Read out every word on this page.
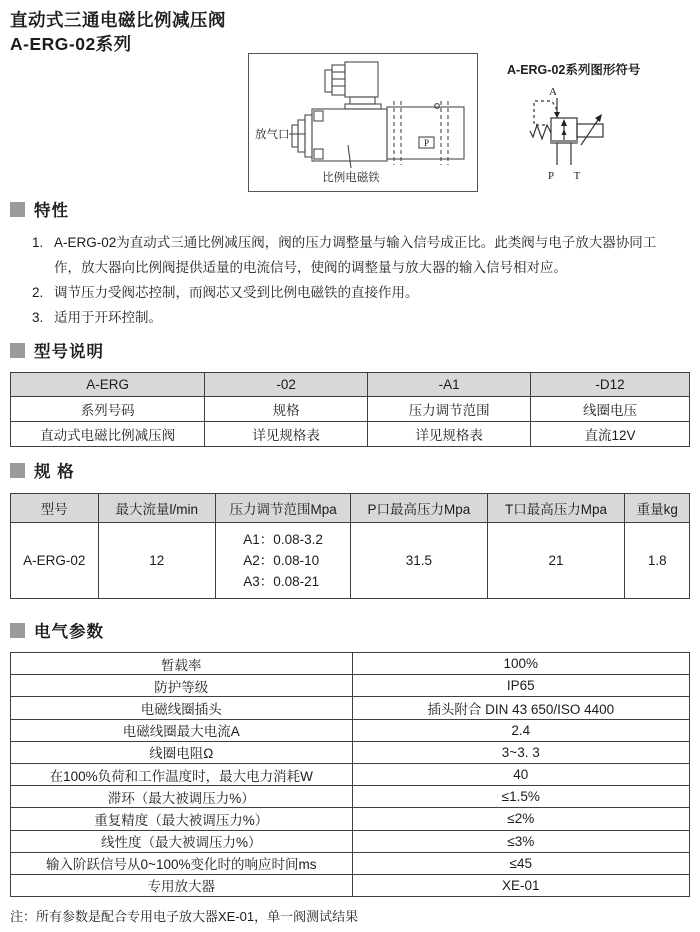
直动式三通电磁比例减压阀
A-ERG-02系列
P
放气口
比例电磁铁
A-ERG-02系列图形符号
A
P T
特性
1. A-ERG-02为直动式三通比例减压阀，阀的压力调整量与输入信号成正比。此类阀与电子放大器协同工作，放大器向比例阀提供适量的电流信号，使阀的调整量与放大器的输入信号相对应。
2. 调节压力受阀芯控制，而阀芯又受到比例电磁铁的直接作用。
3. 适用于开环控制。
型号说明
A-ERG	-02	-A1	-D12
系列号码	规格	压力调节范围	线圈电压
直动式电磁比例减压阀	详见规格表	详见规格表	直流12V
规 格
型号	最大流量l/min	压力调节范围Mpa	P口最高压力Mpa	T口最高压力Mpa	重量kg
A-ERG-02	12	A1：0.08-3.2
A2：0.08-10
A3：0.08-21	31.5	21	1.8
电气参数
暂载率	100%
防护等级	IP65
电磁线圈插头	插头附合 DIN 43 650/ISO 4400
电磁线圈最大电流A	2.4
线圈电阻Ω	3~3. 3
在100%负荷和工作温度时，最大电力消耗W	40
滞环（最大被调压力%）	≤1.5%
重复精度（最大被调压力%）	≤2%
线性度（最大被调压力%）	≤3%
输入阶跃信号从0~100%变化时的响应时间ms	≤45
专用放大器	XE-01
注：所有参数是配合专用电子放大器XE-01，单一阀测试结果
